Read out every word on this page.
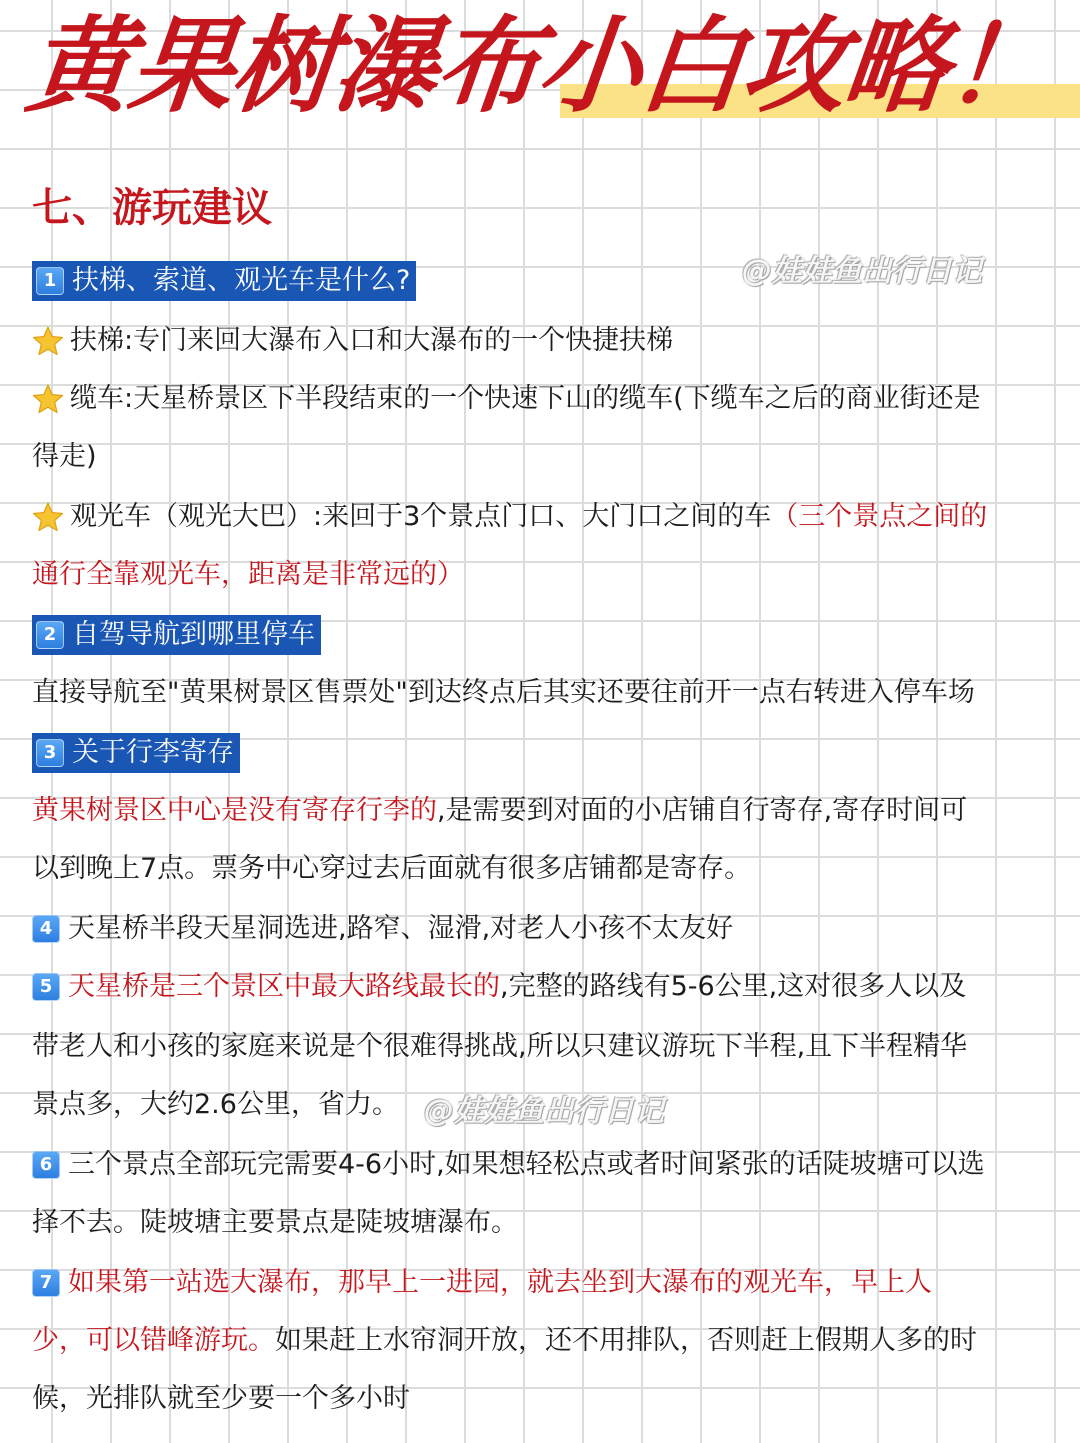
黄果树瀑布小白攻略！
七、游玩建议
@娃娃鱼出行日记
1 扶梯、索道、观光车是什么?
扶梯:专门来回大瀑布入口和大瀑布的一个快捷扶梯
缆车:天星桥景区下半段结束的一个快速下山的缆车(下缆车之后的商业街还是
得走)
观光车（观光大巴）:来回于3个景点门口、大门口之间的车 （三个景点之间的
通行全靠观光车，距离是非常远的）
2 自驾导航到哪里停车
直接导航至"黄果树景区售票处"到达终点后其实还要往前开一点右转进入停车场
3 关于行李寄存
黄果树景区中心是没有寄存行李的 ,是需要到对面的小店铺自行寄存,寄存时间可
以到晚上7点。票务中心穿过去后面就有很多店铺都是寄存。
4 天星桥半段天星洞选进,路窄、湿滑,对老人小孩不太友好
5 天星桥是三个景区中最大路线最长的 ,完整的路线有5-6公里,这对很多人以及
带老人和小孩的家庭来说是个很难得挑战,所以只建议游玩下半程,且下半程精华
景点多，大约2.6公里，省力。 @娃娃鱼出行日记
6 三个景点全部玩完需要4-6小时,如果想轻松点或者时间紧张的话陡坡塘可以选
择不去。陡坡塘主要景点是陡坡塘瀑布。
7 如果第一站选大瀑布，那早上一进园，就去坐到大瀑布的观光车，早上人
少，可以错峰游玩。 如果赶上水帘洞开放，还不用排队，否则赶上假期人多的时
候，光排队就至少要一个多小时
